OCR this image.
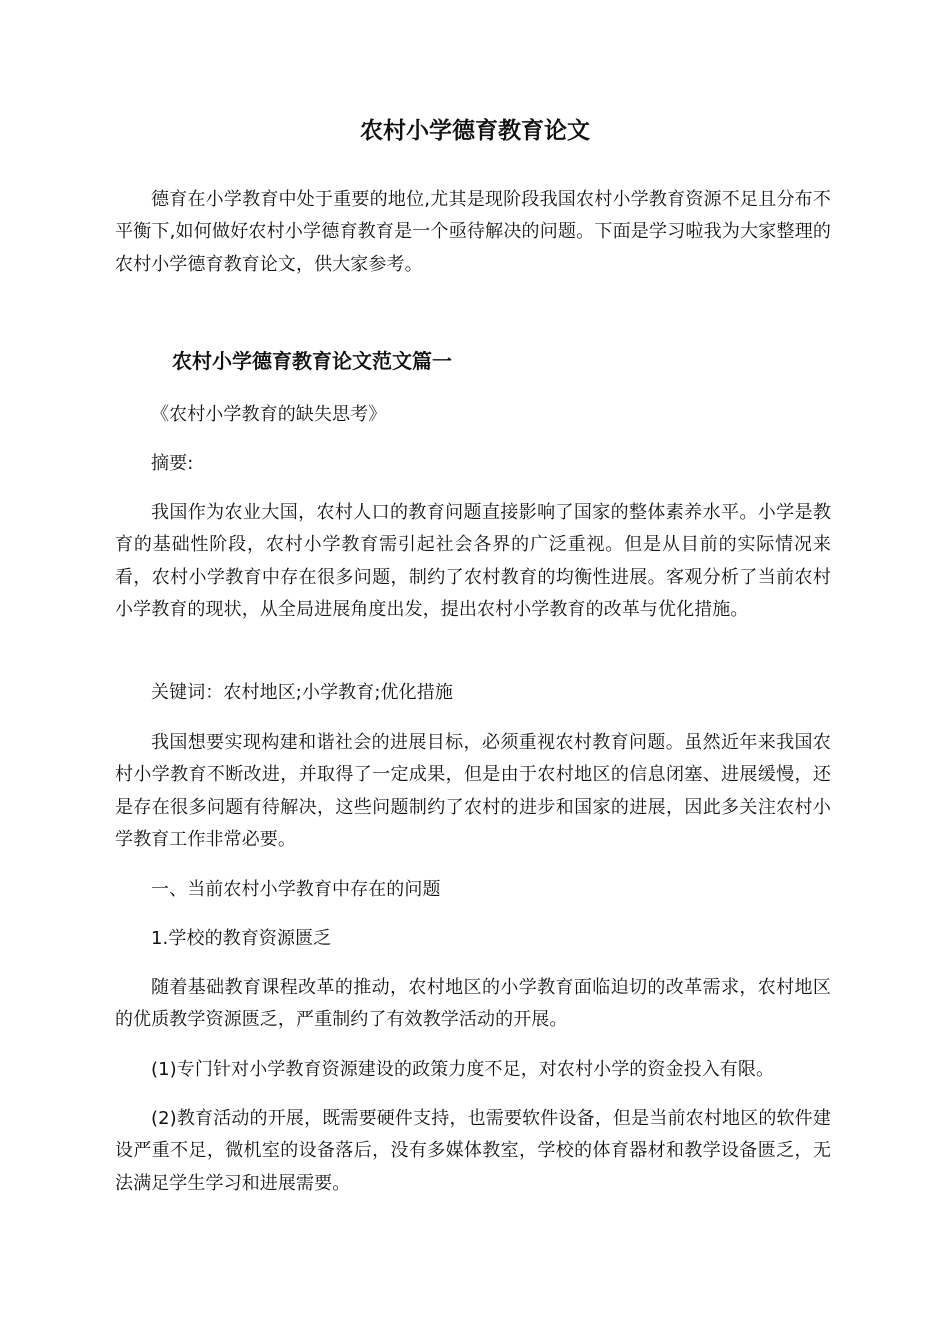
农村小学德育教育论文

德育在小学教育中处于重要的地位,尤其是现阶段我国农村小学教育资源不足且分布不平衡下,如何做好农村小学德育教育是一个亟待解决的问题。下面是学习啦我为大家整理的农村小学德育教育论文，供大家参考。

农村小学德育教育论文范文篇一

《农村小学教育的缺失思考》

摘要:

我国作为农业大国，农村人口的教育问题直接影响了国家的整体素养水平。小学是教育的基础性阶段，农村小学教育需引起社会各界的广泛重视。但是从目前的实际情况来看，农村小学教育中存在很多问题，制约了农村教育的均衡性进展。客观分析了当前农村小学教育的现状，从全局进展角度出发，提出农村小学教育的改革与优化措施。

关键词：农村地区;小学教育;优化措施

我国想要实现构建和谐社会的进展目标，必须重视农村教育问题。虽然近年来我国农村小学教育不断改进，并取得了一定成果，但是由于农村地区的信息闭塞、进展缓慢，还是存在很多问题有待解决，这些问题制约了农村的进步和国家的进展，因此多关注农村小学教育工作非常必要。

一、当前农村小学教育中存在的问题

1.学校的教育资源匮乏

随着基础教育课程改革的推动，农村地区的小学教育面临迫切的改革需求，农村地区的优质教学资源匮乏，严重制约了有效教学活动的开展。

(1)专门针对小学教育资源建设的政策力度不足，对农村小学的资金投入有限。

(2)教育活动的开展，既需要硬件支持，也需要软件设备，但是当前农村地区的软件建设严重不足，微机室的设备落后，没有多媒体教室，学校的体育器材和教学设备匮乏，无法满足学生学习和进展需要。
